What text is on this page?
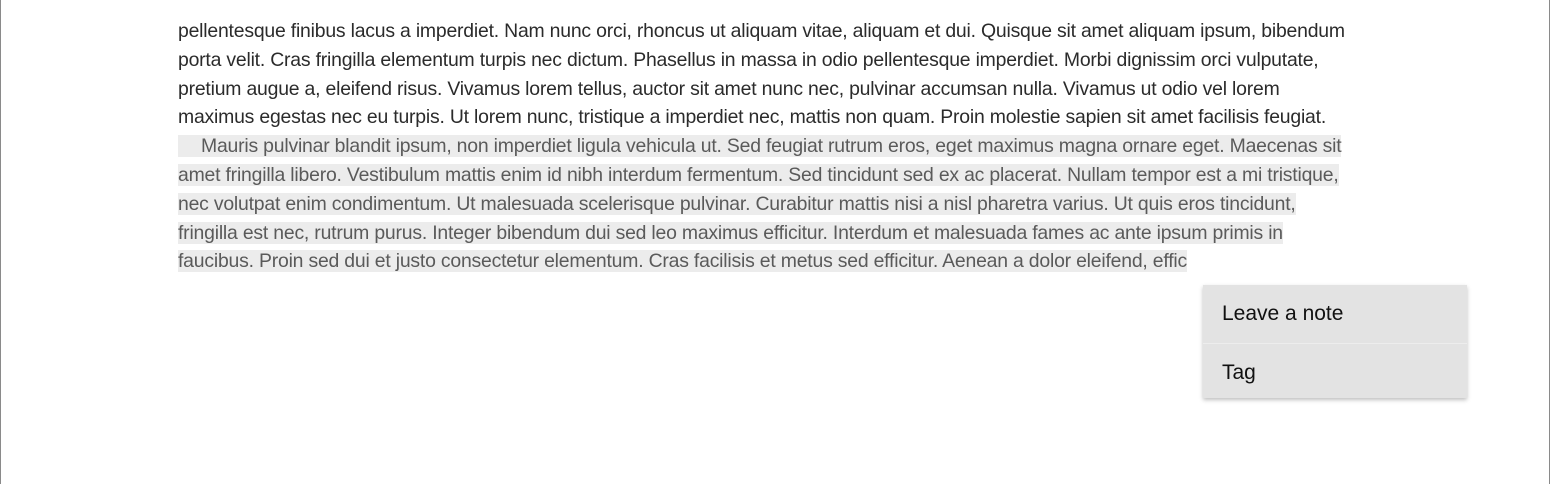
pellentesque finibus lacus a imperdiet. Nam nunc orci, rhoncus ut aliquam vitae, aliquam et dui. Quisque sit amet aliquam ipsum, bibendum porta velit. Cras fringilla elementum turpis nec dictum. Phasellus in massa in odio pellentesque imperdiet. Morbi dignissim orci vulputate, pretium augue a, eleifend risus. Vivamus lorem tellus, auctor sit amet nunc nec, pulvinar accumsan nulla. Vivamus ut odio vel lorem maximus egestas nec eu turpis. Ut lorem nunc, tristique a imperdiet nec, mattis non quam. Proin molestie sapien sit amet facilisis feugiat.

Mauris pulvinar blandit ipsum, non imperdiet ligula vehicula ut. Sed feugiat rutrum eros, eget maximus magna ornare eget. Maecenas sit amet fringilla libero. Vestibulum mattis enim id nibh interdum fermentum. Sed tincidunt sed ex ac placerat. Nullam tempor est a mi tristique, nec volutpat enim condimentum. Ut malesuada scelerisque pulvinar. Curabitur mattis nisi a nisl pharetra varius. Ut quis eros tincidunt, fringilla est nec, rutrum purus. Integer bibendum dui sed leo maximus efficitur. Interdum et malesuada fames ac ante ipsum primis in faucibus. Proin sed dui et justo consectetur elementum. Cras facilisis et metus sed efficitur. Aenean a dolor eleifend, effic

Leave a note
Tag
